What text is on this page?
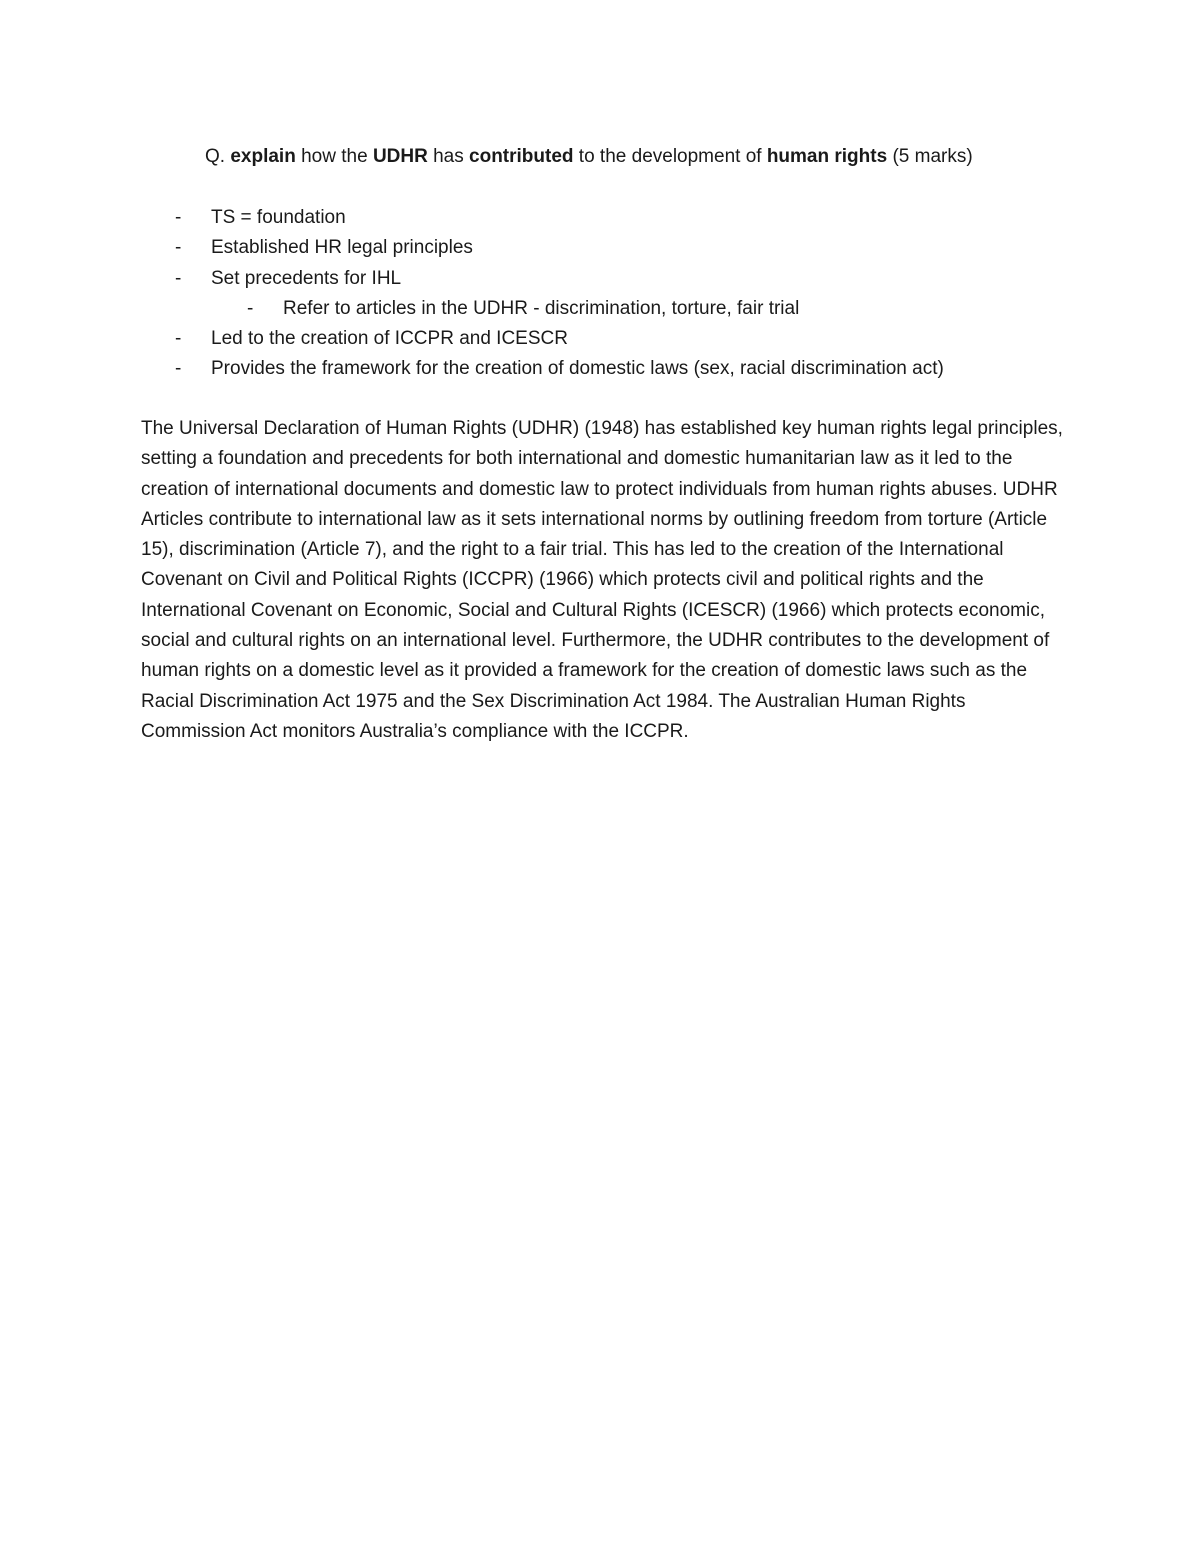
Q. explain how the UDHR has contributed to the development of human rights (5 marks)
- TS = foundation
- Established HR legal principles
- Set precedents for IHL
- Refer to articles in the UDHR - discrimination, torture, fair trial
- Led to the creation of ICCPR and ICESCR
- Provides the framework for the creation of domestic laws (sex, racial discrimination act)

The Universal Declaration of Human Rights (UDHR) (1948) has established key human rights legal principles, setting a foundation and precedents for both international and domestic humanitarian law as it led to the creation of international documents and domestic law to protect individuals from human rights abuses. UDHR Articles contribute to international law as it sets international norms by outlining freedom from torture (Article 15), discrimination (Article 7), and the right to a fair trial. This has led to the creation of the International Covenant on Civil and Political Rights (ICCPR) (1966) which protects civil and political rights and the International Covenant on Economic, Social and Cultural Rights (ICESCR) (1966) which protects economic, social and cultural rights on an international level. Furthermore, the UDHR contributes to the development of human rights on a domestic level as it provided a framework for the creation of domestic laws such as the Racial Discrimination Act 1975 and the Sex Discrimination Act 1984. The Australian Human Rights Commission Act monitors Australia’s compliance with the ICCPR.
